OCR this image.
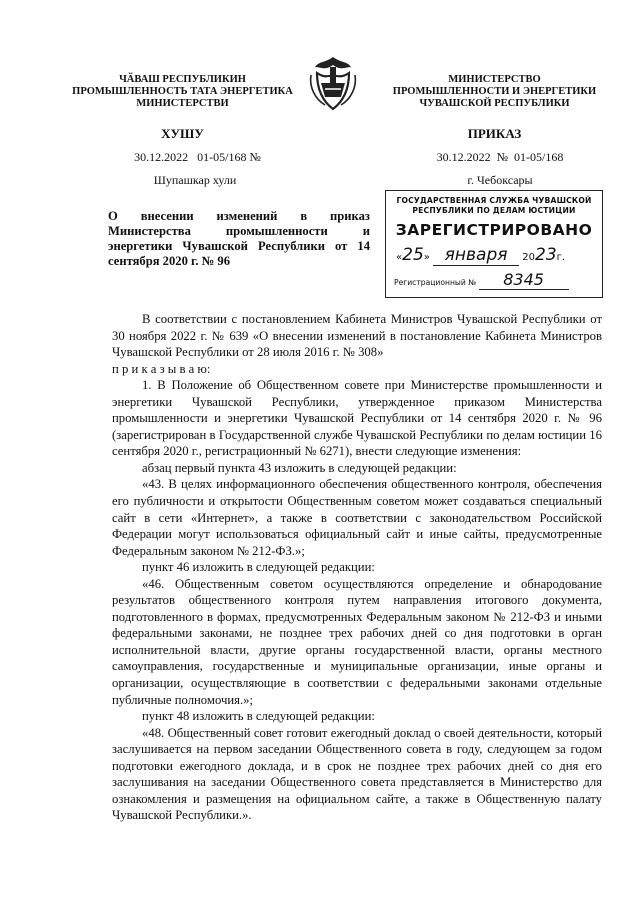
ЧӐВАШ РЕСПУБЛИКИН
ПРОМЫШЛЕННОСТЬ ТАТА ЭНЕРГЕТИКА
МИНИСТЕРСТВИ
ХУШУ
30.12.2022   01-05/168 №
Шупашкар хули
МИНИСТЕРСТВО
ПРОМЫШЛЕННОСТИ И ЭНЕРГЕТИКИ
ЧУВАШСКОЙ РЕСПУБЛИКИ
ПРИКАЗ
30.12.2022  №  01-05/168
г. Чебоксары
ГОСУДАРСТВЕННАЯ СЛУЖБА ЧУВАШСКОЙ
РЕСПУБЛИКИ ПО ДЕЛАМ ЮСТИЦИИ
ЗАРЕГИСТРИРОВАНО
«25» января 2023г.
Регистрационный № 8345
О внесении изменений в приказ Министерства промышленности и энергетики Чувашской Республики от 14 сентября 2020 г. № 96

В соответствии с постановлением Кабинета Министров Чувашской Республики от 30 ноября 2022 г. № 639 «О внесении изменений в постановление Кабинета Министров Чувашской Республики от 28 июля 2016 г. № 308»

п р и к а з ы в а ю:

1. В Положение об Общественном совете при Министерстве промышленности и энергетики Чувашской Республики, утвержденное приказом Министерства промышленности и энергетики Чувашской Республики от 14 сентября 2020 г. № 96 (зарегистрирован в Государственной службе Чувашской Республики по делам юстиции 16 сентября 2020 г., регистрационный № 6271), внести следующие изменения:

абзац первый пункта 43 изложить в следующей редакции:

«43. В целях информационного обеспечения общественного контроля, обеспечения его публичности и открытости Общественным советом может создаваться специальный сайт в сети «Интернет», а также в соответствии с законодательством Российской Федерации могут использоваться официальный сайт и иные сайты, предусмотренные Федеральным законом № 212-ФЗ.»;

пункт 46 изложить в следующей редакции:

«46. Общественным советом осуществляются определение и обнародование результатов общественного контроля путем направления итогового документа, подготовленного в формах, предусмотренных Федеральным законом № 212-ФЗ и иными федеральными законами, не позднее трех рабочих дней со дня подготовки в орган исполнительной власти, другие органы государственной власти, органы местного самоуправления, государственные и муниципальные организации, иные органы и организации, осуществляющие в соответствии с федеральными законами отдельные публичные полномочия.»;

пункт 48 изложить в следующей редакции:

«48. Общественный совет готовит ежегодный доклад о своей деятельности, который заслушивается на первом заседании Общественного совета в году, следующем за годом подготовки ежегодного доклада, и в срок не позднее трех рабочих дней со дня его заслушивания на заседании Общественного совета представляется в Министерство для ознакомления и размещения на официальном сайте, а также в Общественную палату Чувашской Республики.».
